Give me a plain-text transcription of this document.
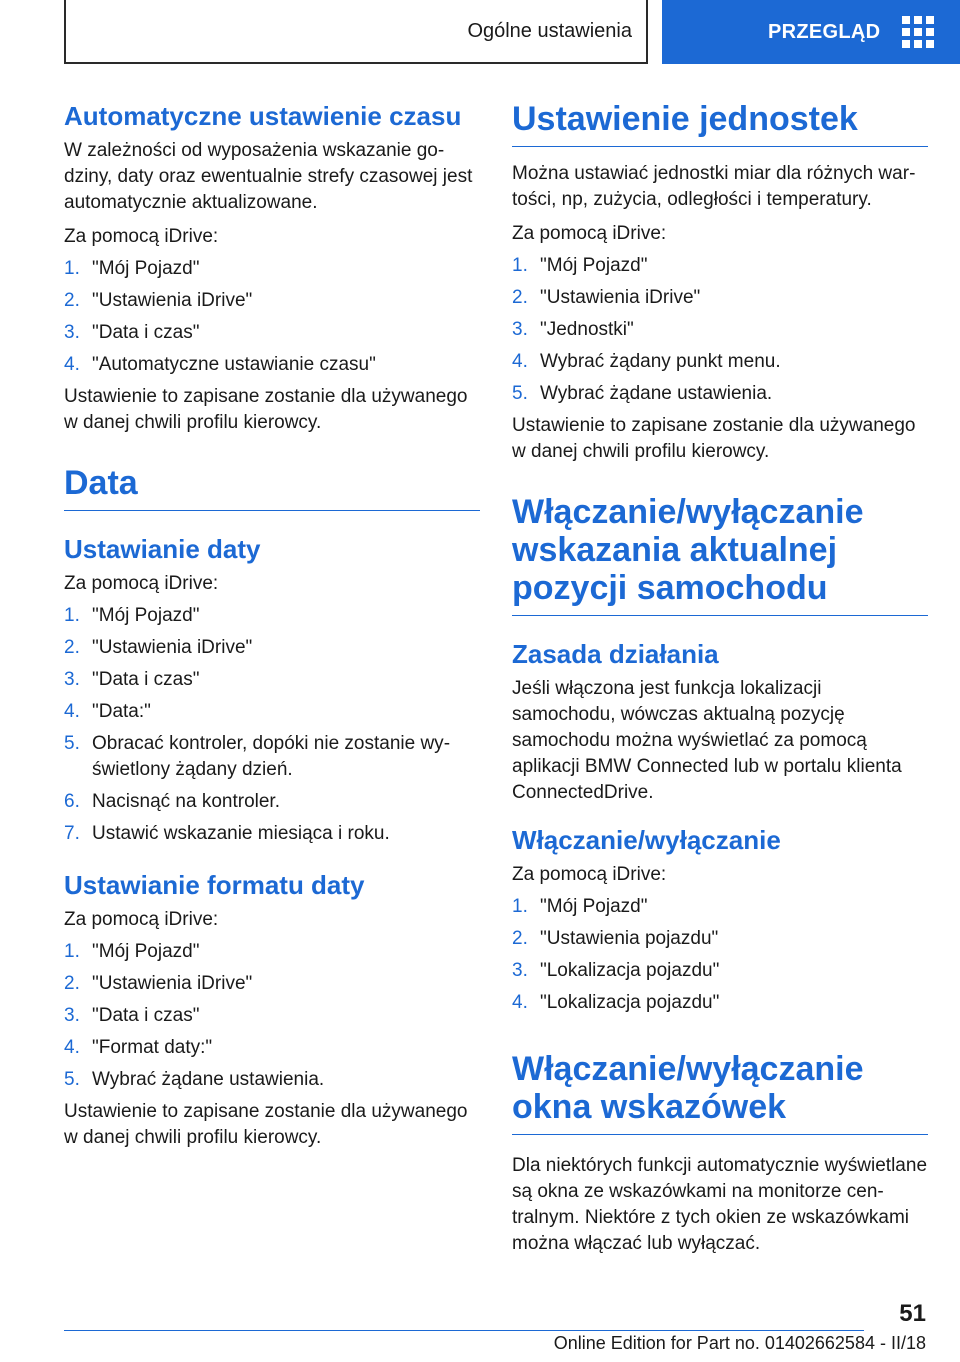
Ogólne ustawienia	PRZEGLĄD
Automatyczne ustawienie czasu

W zależności od wyposażenia wskazanie godziny, daty oraz ewentualnie strefy czasowej jest automatycznie aktualizowane.

Za pomocą iDrive:

1. "Mój Pojazd"
2. "Ustawienia iDrive"
3. "Data i czas"
4. "Automatyczne ustawianie czasu"

Ustawienie to zapisane zostanie dla używanego w danej chwili profilu kierowcy.

Data
Ustawianie daty

Za pomocą iDrive:

1. "Mój Pojazd"
2. "Ustawienia iDrive"
3. "Data i czas"
4. "Data:"
5. Obracać kontroler, dopóki nie zostanie wyświetlony żądany dzień.
6. Nacisnąć na kontroler.
7. Ustawić wskazanie miesiąca i roku.
Ustawianie formatu daty

Za pomocą iDrive:

1. "Mój Pojazd"
2. "Ustawienia iDrive"
3. "Data i czas"
4. "Format daty:"
5. Wybrać żądane ustawienia.

Ustawienie to zapisane zostanie dla używanego w danej chwili profilu kierowcy.

Ustawienie jednostek

Można ustawiać jednostki miar dla różnych wartości, np, zużycia, odległości i temperatury.

Za pomocą iDrive:

1. "Mój Pojazd"
2. "Ustawienia iDrive"
3. "Jednostki"
4. Wybrać żądany punkt menu.
5. Wybrać żądane ustawienia.

Ustawienie to zapisane zostanie dla używanego w danej chwili profilu kierowcy.

Włączanie/wyłączanie wskazania aktualnej pozycji samochodu
Zasada działania

Jeśli włączona jest funkcja lokalizacji samochodu, wówczas aktualną pozycję samochodu można wyświetlać za pomocą aplikacji BMW Connected lub w portalu klienta ConnectedDrive.

Włączanie/wyłączanie

Za pomocą iDrive:

1. "Mój Pojazd"
2. "Ustawienia pojazdu"
3. "Lokalizacja pojazdu"
4. "Lokalizacja pojazdu"
Włączanie/wyłączanie okna wskazówek

Dla niektórych funkcji automatycznie wyświetlane są okna ze wskazówkami na monitorze centralnym. Niektóre z tych okien ze wskazówkami można włączać lub wyłączać.

51
Online Edition for Part no. 01402662584 - II/18
